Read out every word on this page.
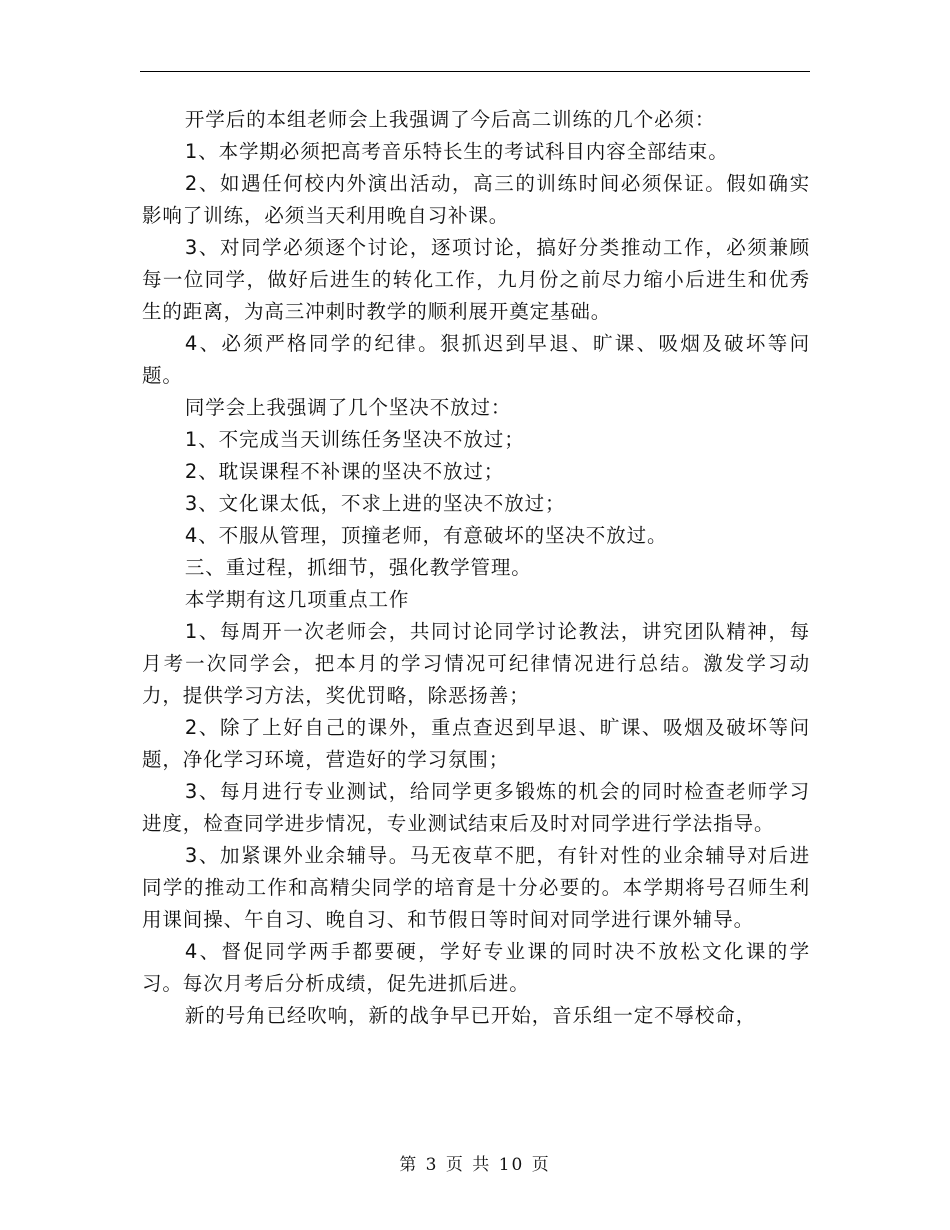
开学后的本组老师会上我强调了今后高二训练的几个必须：

1、本学期必须把高考音乐特长生的考试科目内容全部结束。

2、如遇任何校内外演出活动，高三的训练时间必须保证。假如确实影响了训练，必须当天利用晚自习补课。

3、对同学必须逐个讨论，逐项讨论，搞好分类推动工作，必须兼顾每一位同学，做好后进生的转化工作，九月份之前尽力缩小后进生和优秀生的距离，为高三冲刺时教学的顺利展开奠定基础。

4、必须严格同学的纪律。狠抓迟到早退、旷课、吸烟及破坏等问题。

同学会上我强调了几个坚决不放过：

1、不完成当天训练任务坚决不放过；

2、耽误课程不补课的坚决不放过；

3、文化课太低，不求上进的坚决不放过；

4、不服从管理，顶撞老师，有意破坏的坚决不放过。

三、重过程，抓细节，强化教学管理。

本学期有这几项重点工作

1、每周开一次老师会，共同讨论同学讨论教法，讲究团队精神，每月考一次同学会，把本月的学习情况可纪律情况进行总结。激发学习动力，提供学习方法，奖优罚略，除恶扬善；

2、除了上好自己的课外，重点查迟到早退、旷课、吸烟及破坏等问题，净化学习环境，营造好的学习氛围；

3、每月进行专业测试，给同学更多锻炼的机会的同时检查老师学习进度，检查同学进步情况，专业测试结束后及时对同学进行学法指导。

3、加紧课外业余辅导。马无夜草不肥，有针对性的业余辅导对后进同学的推动工作和高精尖同学的培育是十分必要的。本学期将号召师生利用课间操、午自习、晚自习、和节假日等时间对同学进行课外辅导。

4、督促同学两手都要硬，学好专业课的同时决不放松文化课的学习。每次月考后分析成绩，促先进抓后进。

新的号角已经吹响，新的战争早已开始，音乐组一定不辱校命，

第 3 页 共 10 页
